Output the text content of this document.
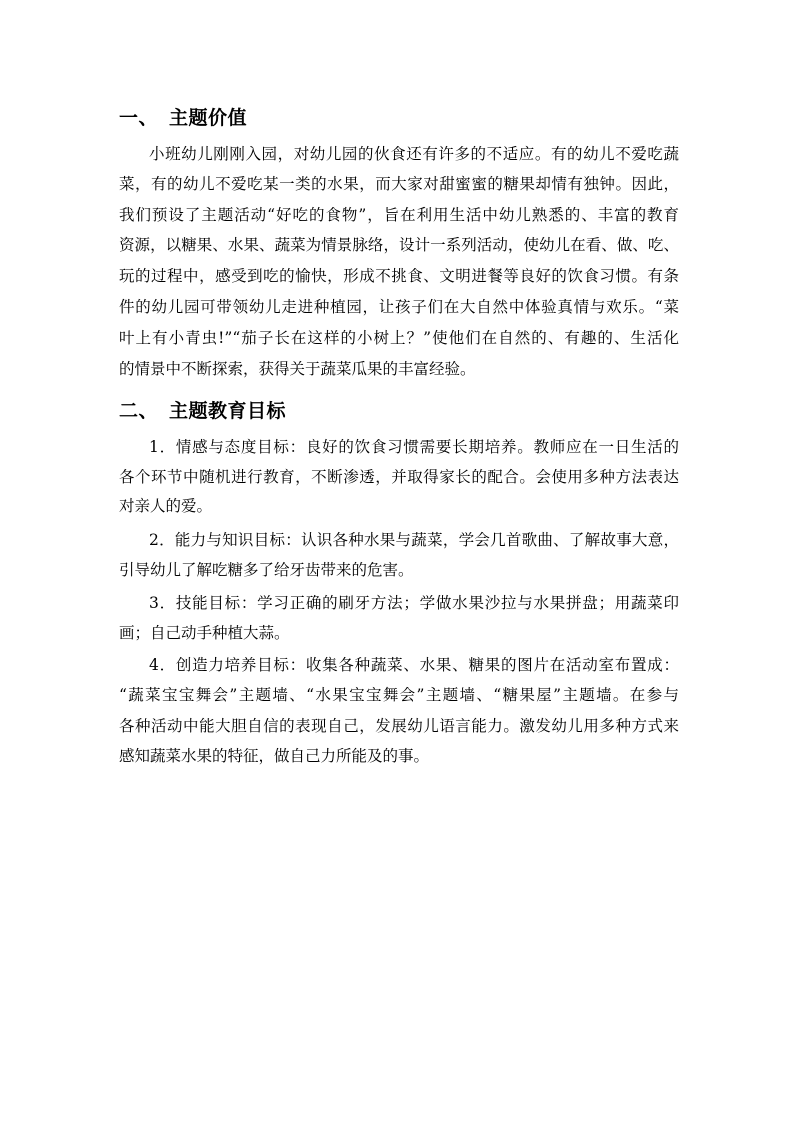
一、 主题价值
小班幼儿刚刚入园，对幼儿园的伙食还有许多的不适应。有的幼儿不爱吃蔬
菜，有的幼儿不爱吃某一类的水果，而大家对甜蜜蜜的糖果却情有独钟。因此，
我们预设了主题活动“好吃的食物”，旨在利用生活中幼儿熟悉的、丰富的教育
资源，以糖果、水果、蔬菜为情景脉络，设计一系列活动，使幼儿在看、做、吃、
玩的过程中，感受到吃的愉快，形成不挑食、文明进餐等良好的饮食习惯。有条
件的幼儿园可带领幼儿走进种植园，让孩子们在大自然中体验真情与欢乐。“菜
叶上有小青虫!”“茄子长在这样的小树上？”使他们在自然的、有趣的、生活化
的情景中不断探索，获得关于蔬菜瓜果的丰富经验。
二、 主题教育目标
1．情感与态度目标：良好的饮食习惯需要长期培养。教师应在一日生活的
各个环节中随机进行教育，不断渗透，并取得家长的配合。会使用多种方法表达
对亲人的爱。
2．能力与知识目标：认识各种水果与蔬菜，学会几首歌曲、了解故事大意，
引导幼儿了解吃糖多了给牙齿带来的危害。
3．技能目标：学习正确的刷牙方法；学做水果沙拉与水果拼盘；用蔬菜印
画；自己动手种植大蒜。
4．创造力培养目标：收集各种蔬菜、水果、糖果的图片在活动室布置成：
“蔬菜宝宝舞会”主题墙、“水果宝宝舞会”主题墙、“糖果屋”主题墙。在参与
各种活动中能大胆自信的表现自己，发展幼儿语言能力。激发幼儿用多种方式来
感知蔬菜水果的特征，做自己力所能及的事。
